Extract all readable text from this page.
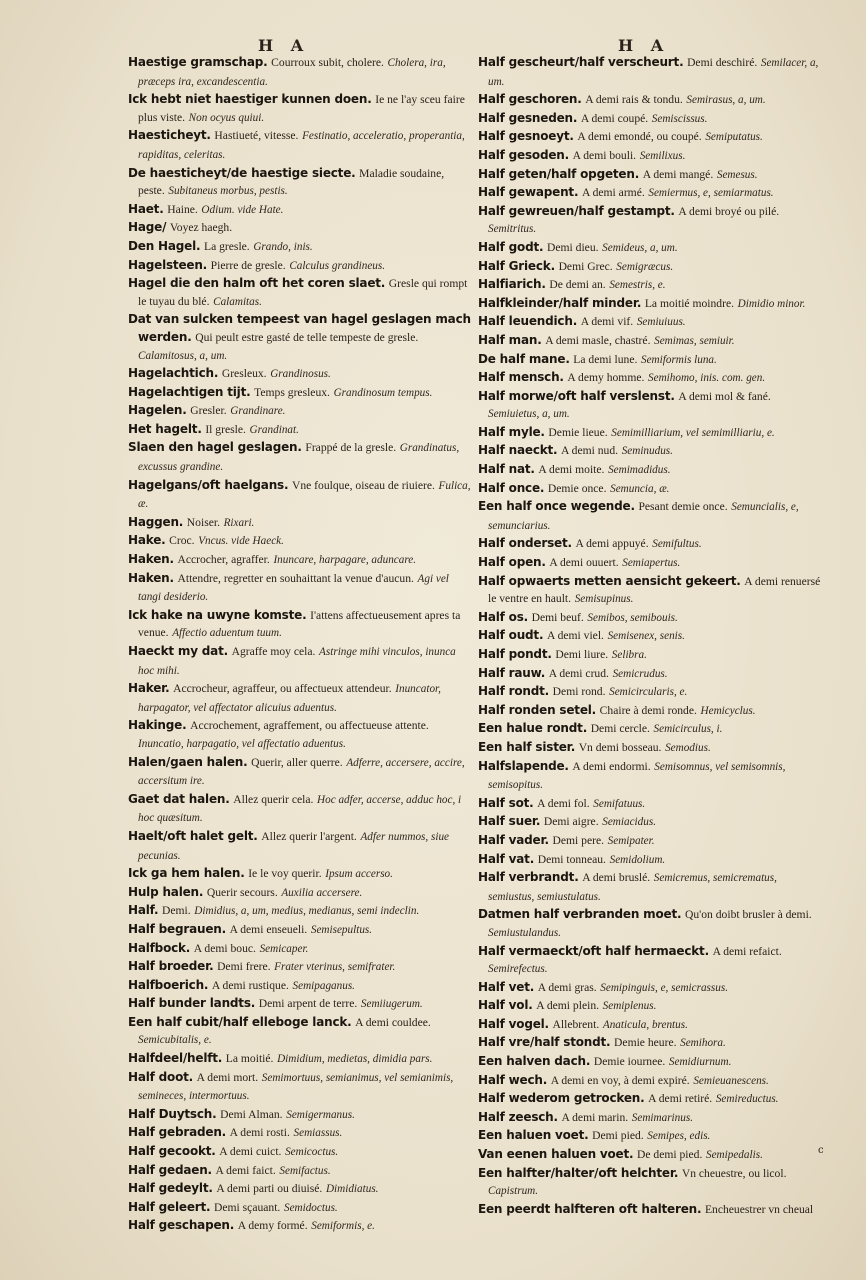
H A	H A

Haestige gramschap. Courroux subit, cholere. Cholera, ira, præceps ira, excandescentia.

Ick hebt niet haestiger kunnen doen. Ie ne l'ay sceu faire plus viste. Non ocyus quiui.

Haesticheyt. Hastiueté, vitesse. Festinatio, acceleratio, properantia, rapiditas, celeritas.

De haesticheyt/de haestige siecte. Maladie soudaine, peste. Subitaneus morbus, pestis.

Haet. Haine. Odium. vide Hate.

Hage/ Voyez haegh.

Den Hagel. La gresle. Grando, inis.

Hagelsteen. Pierre de gresle. Calculus grandineus.

Hagel die den halm oft het coren slaet. Gresle qui rompt le tuyau du blé. Calamitas.

Dat van sulcken tempeest van hagel geslagen mach werden. Qui peult estre gasté de telle tempeste de gresle. Calamitosus, a, um.

Hagelachtich. Gresleux. Grandinosus.

Hagelachtigen tijt. Temps gresleux. Grandinosum tempus.

Hagelen. Gresler. Grandinare.

Het hagelt. Il gresle. Grandinat.

Slaen den hagel geslagen. Frappé de la gresle. Grandinatus, excussus grandine.

Hagelgans/oft haelgans. Vne foulque, oiseau de riuiere. Fulica, æ.

Haggen. Noiser. Rixari.

Hake. Croc. Vncus. vide Haeck.

Haken. Accrocher, agraffer. Inuncare, harpagare, aduncare.

Haken. Attendre, regretter en souhaittant la venue d'aucun. Agi vel tangi desiderio.

Ick hake na uwyne komste. I'attens affectueusement apres ta venue. Affectio aduentum tuum.

Haeckt my dat. Agraffe moy cela. Astringe mihi vinculos, inunca hoc mihi.

Haker. Accrocheur, agraffeur, ou affectueux attendeur. Inuncator, harpagator, vel affectator alicuius aduentus.

Hakinge. Accrochement, agraffement, ou affectueuse attente. Inuncatio, harpagatio, vel affectatio aduentus.

Halen/gaen halen. Querir, aller querre. Adferre, accersere, accire, accersitum ire.

Gaet dat halen. Allez querir cela. Hoc adfer, accerse, adduc hoc, i hoc quæsitum.

Haelt/oft halet gelt. Allez querir l'argent. Adfer nummos, siue pecunias.

Ick ga hem halen. Ie le voy querir. Ipsum accerso.

Hulp halen. Querir secours. Auxilia accersere.

Half. Demi. Dimidius, a, um, medius, medianus, semi indeclin.

Half begrauen. A demi enseueli. Semisepultus.

Halfbock. A demi bouc. Semicaper.

Half broeder. Demi frere. Frater vterinus, semifrater.

Halfboerich. A demi rustique. Semipaganus.

Half bunder landts. Demi arpent de terre. Semiiugerum.

Een half cubit/half elleboge lanck. A demi couldee. Semicubitalis, e.

Halfdeel/helft. La moitié. Dimidium, medietas, dimidia pars.

Half doot. A demi mort. Semimortuus, semianimus, vel semianimis, semineces, intermortuus.

Half Duytsch. Demi Alman. Semigermanus.

Half gebraden. A demi rosti. Semiassus.

Half gecookt. A demi cuict. Semicoctus.

Half gedaen. A demi faict. Semifactus.

Half gedeylt. A demi parti ou diuisé. Dimidiatus.

Half geleert. Demi sçauant. Semidoctus.

Half geschapen. A demy formé. Semiformis, e.

Half gescheurt/half verscheurt. Demi deschiré. Semilacer, a, um.

Half geschoren. A demi rais & tondu. Semirasus, a, um.

Half gesneden. A demi coupé. Semiscissus.

Half gesnoeyt. A demi emondé, ou coupé. Semiputatus.

Half gesoden. A demi bouli. Semilixus.

Half geten/half opgeten. A demi mangé. Semesus.

Half gewapent. A demi armé. Semiermus, e, semiarmatus.

Half gewreuen/half gestampt. A demi broyé ou pilé. Semitritus.

Half godt. Demi dieu. Semideus, a, um.

Half Grieck. Demi Grec. Semigræcus.

Halfiarich. De demi an. Semestris, e.

Halfkleinder/half minder. La moitié moindre. Dimidio minor.

Half leuendich. A demi vif. Semiuiuus.

Half man. A demi masle, chastré. Semimas, semiuir.

De half mane. La demi lune. Semiformis luna.

Half mensch. A demy homme. Semihomo, inis. com. gen.

Half morwe/oft half verslenst. A demi mol & fané. Semiuietus, a, um.

Half myle. Demie lieue. Semimilliarium, vel semimilliariu, e.

Half naeckt. A demi nud. Seminudus.

Half nat. A demi moite. Semimadidus.

Half once. Demie once. Semuncia, æ.

Een half once wegende. Pesant demie once. Semuncialis, e, semunciarius.

Half onderset. A demi appuyé. Semifultus.

Half open. A demi ouuert. Semiapertus.

Half opwaerts metten aensicht gekeert. A demi renuersé le ventre en hault. Semisupinus.

Half os. Demi beuf. Semibos, semibouis.

Half oudt. A demi viel. Semisenex, senis.

Half pondt. Demi liure. Selibra.

Half rauw. A demi crud. Semicrudus.

Half rondt. Demi rond. Semicircularis, e.

Half ronden setel. Chaire à demi ronde. Hemicyclus.

Een halue rondt. Demi cercle. Semicirculus, i.

Een half sister. Vn demi bosseau. Semodius.

Halfslapende. A demi endormi. Semisomnus, vel semisomnis, semisopitus.

Half sot. A demi fol. Semifatuus.

Half suer. Demi aigre. Semiacidus.

Half vader. Demi pere. Semipater.

Half vat. Demi tonneau. Semidolium.

Half verbrandt. A demi bruslé. Semicremus, semicrematus, semiustus, semiustulatus.

Datmen half verbranden moet. Qu'on doibt brusler à demi. Semiustulandus.

Half vermaeckt/oft half hermaeckt. A demi refaict. Semirefectus.

Half vet. A demi gras. Semipinguis, e, semicrassus.

Half vol. A demi plein. Semiplenus.

Half vogel. Allebrent. Anaticula, brentus.

Half vre/half stondt. Demie heure. Semihora.

Een halven dach. Demie iournee. Semidiurnum.

Half wech. A demi en voy, à demi expiré. Semieuanescens.

Half wederom getrocken. A demi retiré. Semireductus.

Half zeesch. A demi marin. Semimarinus.

Een haluen voet. Demi pied. Semipes, edis.

Van eenen haluen voet. De demi pied. Semipedalis.

Een halfter/halter/oft helchter. Vn cheuestre, ou licol. Capistrum.

Een peerdt halfteren oft halteren. Encheuestrer vn cheual

c
